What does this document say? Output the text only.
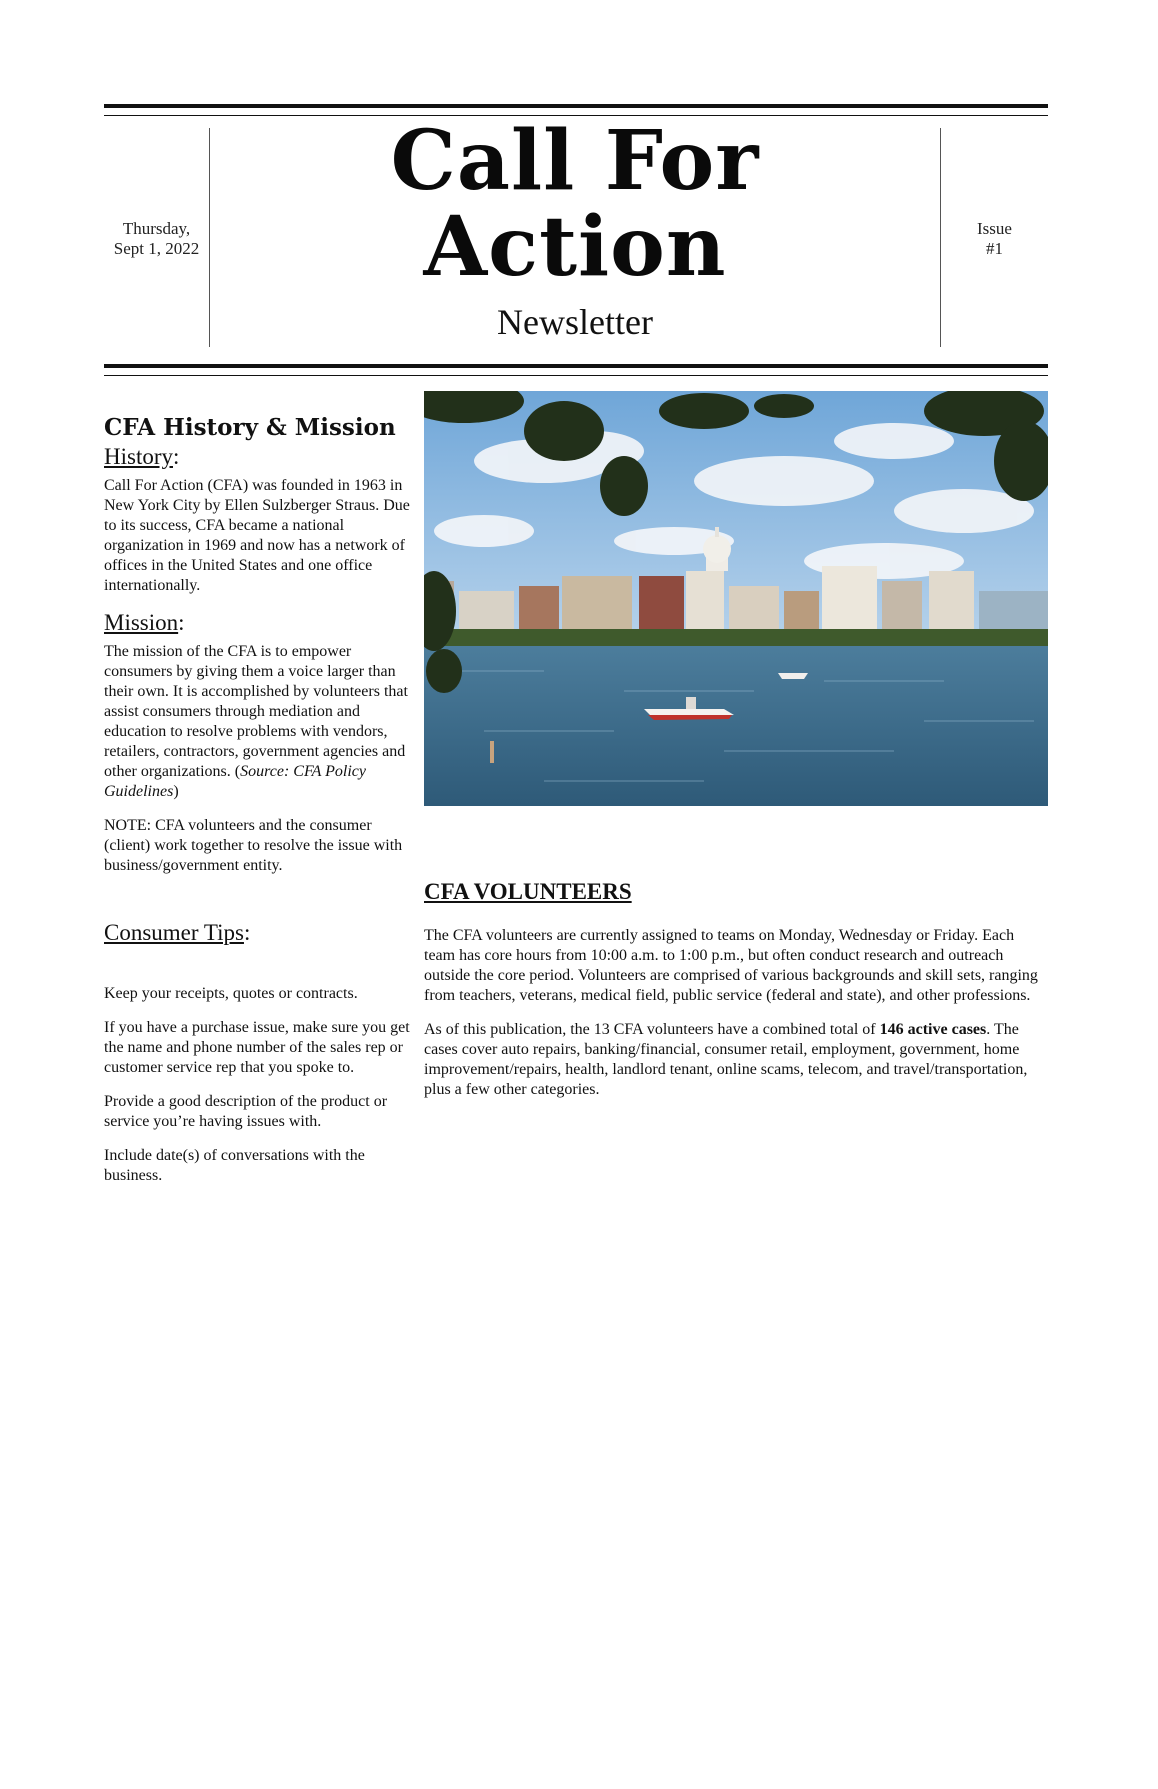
Thursday,
Sept 1, 2022
Call For
Action
Newsletter
Issue
#1
CFA History & Mission
History:

Call For Action (CFA) was founded in 1963 in New York City by Ellen Sulzberger Straus. Due to its success, CFA became a national organization in 1969 and now has a network of offices in the United States and one office internationally.

Mission:

The mission of the CFA is to empower consumers by giving them a voice larger than their own. It is accomplished by volunteers that assist consumers through mediation and education to resolve problems with vendors, retailers, contractors, government agencies and other organizations. (Source: CFA Policy Guidelines)

NOTE: CFA volunteers and the consumer (client) work together to resolve the issue with business/government entity.

Consumer Tips:

Keep your receipts, quotes or contracts.

If you have a purchase issue, make sure you get the name and phone number of the sales rep or customer service rep that you spoke to.

Provide a good description of the product or service you’re having issues with.

Include date(s) of conversations with the business.

CFA VOLUNTEERS

The CFA volunteers are currently assigned to teams on Monday, Wednesday or Friday. Each team has core hours from 10:00 a.m. to 1:00 p.m., but often conduct research and outreach outside the core period. Volunteers are comprised of various backgrounds and skill sets, ranging from teachers, veterans, medical field, public service (federal and state), and other professions.

As of this publication, the 13 CFA volunteers have a combined total of 146 active cases. The cases cover auto repairs, banking/financial, consumer retail, employment, government, home improvement/repairs, health, landlord tenant, online scams, telecom, and travel/transportation, plus a few other categories.
